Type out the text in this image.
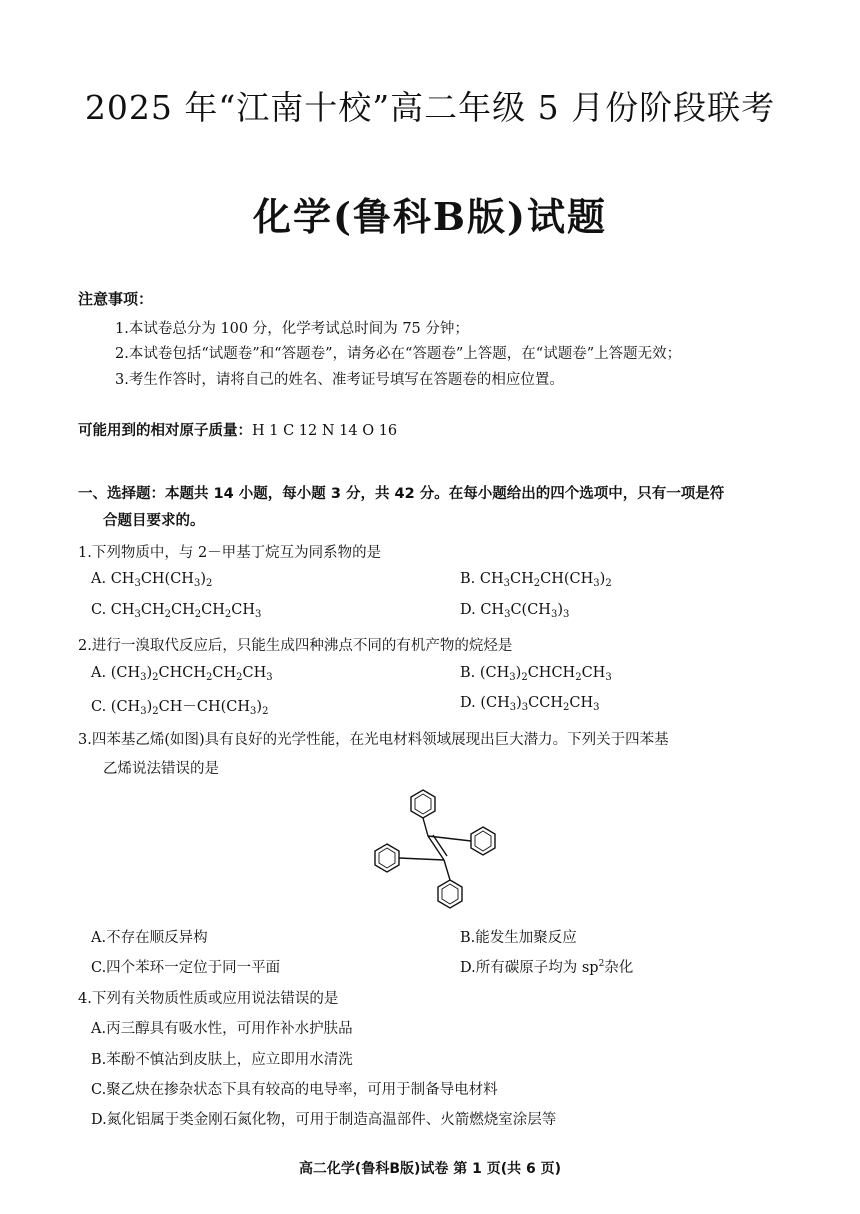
2025 年“江南十校”高二年级 5 月份阶段联考
化学(鲁科B版)试题
注意事项：
1.本试卷总分为 100 分，化学考试总时间为 75 分钟；
2.本试卷包括“试题卷”和“答题卷”，请务必在“答题卷”上答题，在“试题卷”上答题无效；
3.考生作答时，请将自己的姓名、准考证号填写在答题卷的相应位置。
可能用到的相对原子质量：H 1 C 12 N 14 O 16
一、选择题：本题共 14 小题，每小题 3 分，共 42 分。在每小题给出的四个选项中，只有一项是符
合题目要求的。
1.下列物质中，与 2－甲基丁烷互为同系物的是
A. $CH_3CH(CH_3)_2$	B. $CH_3CH_2CH(CH_3)_2$
C. $CH_3CH_2CH_2CH_2CH_3$	D. $CH_3C(CH_3)_3$
2.进行一溴取代反应后，只能生成四种沸点不同的有机产物的烷烃是
A. $(CH_3)_2CHCH_2CH_2CH_3$	B. $(CH_3)_2CHCH_2CH_3$
C. $(CH_3)_2CH-CH(CH_3)_2$
D. $(CH_3)_3CCH_2CH_3$
3.四苯基乙烯(如图)具有良好的光学性能，在光电材料领域展现出巨大潜力。下列关于四苯基
乙烯说法错误的是
A.不存在顺反异构	B.能发生加聚反应
C.四个苯环一定位于同一平面	D.所有碳原子均为 $sp^2$杂化
4.下列有关物质性质或应用说法错误的是
A.丙三醇具有吸水性，可用作补水护肤品
B.苯酚不慎沾到皮肤上，应立即用水清洗
C.聚乙炔在掺杂状态下具有较高的电导率，可用于制备导电材料
D.氮化铝属于类金刚石氮化物，可用于制造高温部件、火箭燃烧室涂层等
高二化学(鲁科B版)试卷 第 1 页(共 6 页)
